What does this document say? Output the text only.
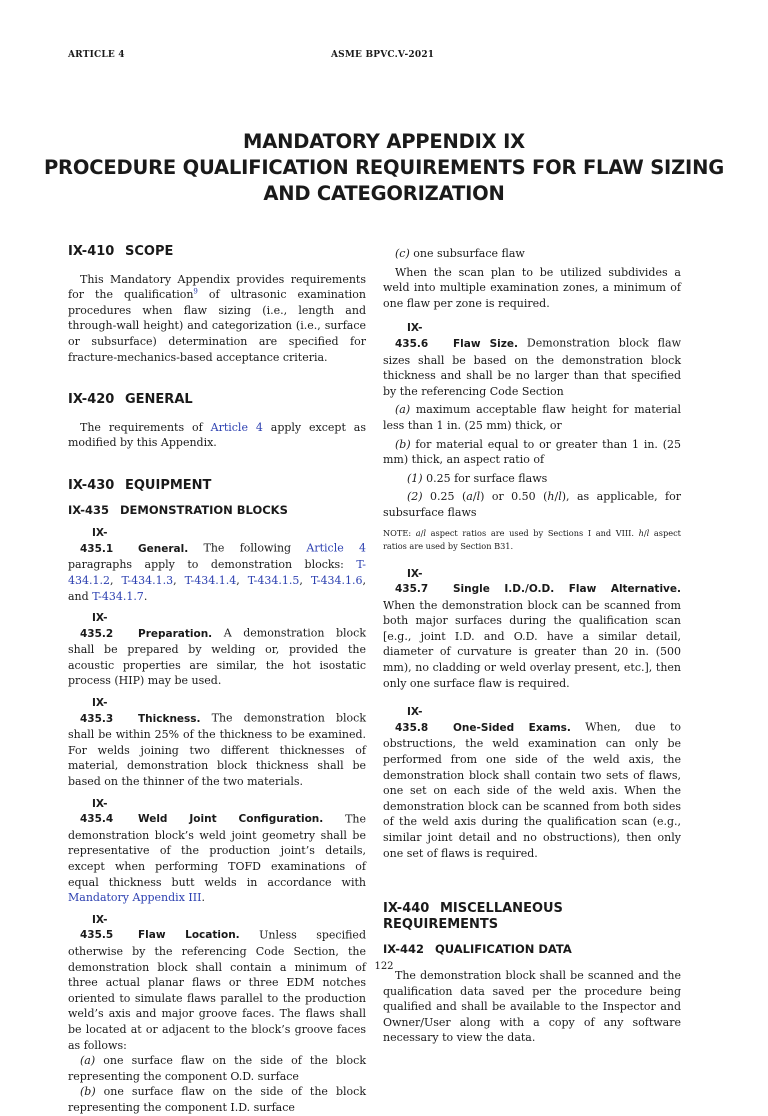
ARTICLE 4	ASME BPVC.V-2021
MANDATORY APPENDIX IX
PROCEDURE QUALIFICATION REQUIREMENTS FOR FLAW SIZING
AND CATEGORIZATION
IX-410 SCOPE

This Mandatory Appendix provides requirements for the qualification$^9$ of ultrasonic examination procedures when flaw sizing (i.e., length and through-wall height) and categorization (i.e., surface or subsurface) determination are specified for fracture-mechanics-based acceptance criteria.

IX-420 GENERAL

The requirements of Article 4 apply except as modified by this Appendix.

IX-430 EQUIPMENT
IX-435 DEMONSTRATION BLOCKS

IX-435.1 General. The following Article 4 paragraphs apply to demonstration blocks: T-434.1.2, T-434.1.3, T-434.1.4, T-434.1.5, T-434.1.6, and T-434.1.7.

IX-435.2 Preparation. A demonstration block shall be prepared by welding or, provided the acoustic properties are similar, the hot isostatic process (HIP) may be used.

IX-435.3 Thickness. The demonstration block shall be within 25% of the thickness to be examined. For welds joining two different thicknesses of material, demonstration block thickness shall be based on the thinner of the two materials.

IX-435.4 Weld Joint Configuration. The demonstration block’s weld joint geometry shall be representative of the production joint’s details, except when performing TOFD examinations of equal thickness butt welds in accordance with Mandatory Appendix III.

IX-435.5 Flaw Location. Unless specified otherwise by the referencing Code Section, the demonstration block shall contain a minimum of three actual planar flaws or three EDM notches oriented to simulate flaws parallel to the production weld’s axis and major groove faces. The flaws shall be located at or adjacent to the block’s groove faces as follows:

(a) one surface flaw on the side of the block representing the component O.D. surface

(b) one surface flaw on the side of the block representing the component I.D. surface

(c) one subsurface flaw

When the scan plan to be utilized subdivides a weld into multiple examination zones, a minimum of one flaw per zone is required.

IX-435.6 Flaw Size. Demonstration block flaw sizes shall be based on the demonstration block thickness and shall be no larger than that specified by the referencing Code Section

(a) maximum acceptable flaw height for material less than 1 in. (25 mm) thick, or

(b) for material equal to or greater than 1 in. (25 mm) thick, an aspect ratio of

(1) 0.25 for surface flaws

(2) 0.25 (a/l) or 0.50 (h/l), as applicable, for subsurface flaws

NOTE: a/l aspect ratios are used by Sections I and VIII. h/l aspect ratios are used by Section B31.

IX-435.7 Single I.D./O.D. Flaw Alternative. When the demonstration block can be scanned from both major surfaces during the qualification scan [e.g., joint I.D. and O.D. have a similar detail, diameter of curvature is greater than 20 in. (500 mm), no cladding or weld overlay present, etc.], then only one surface flaw is required.

IX-435.8 One-Sided Exams. When, due to obstructions, the weld examination can only be performed from one side of the weld axis, the demonstration block shall contain two sets of flaws, one set on each side of the weld axis. When the demonstration block can be scanned from both sides of the weld axis during the qualification scan (e.g., similar joint detail and no obstructions), then only one set of flaws is required.

IX-440 MISCELLANEOUS REQUIREMENTS
IX-442 QUALIFICATION DATA

The demonstration block shall be scanned and the qualification data saved per the procedure being qualified and shall be available to the Inspector and Owner/User along with a copy of any software necessary to view the data.

122
